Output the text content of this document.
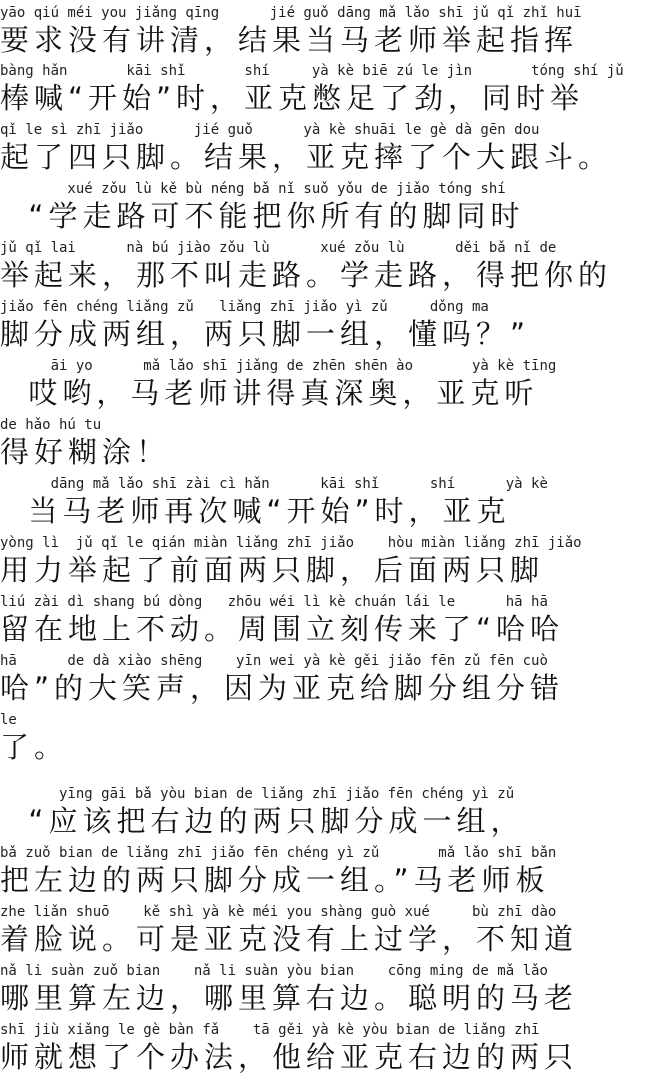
yāo qiú méi you jiǎng qīng      jié guǒ dāng mǎ lǎo shī jǔ qǐ zhǐ huī
要求没有讲清，结果当马老师举起指挥
bàng hǎn       kāi shǐ       shí     yà kè biē zú le jìn       tóng shí jǔ
棒喊“开始”时，亚克憋足了劲，同时举
qǐ le sì zhī jiǎo      jié guǒ      yà kè shuāi le gè dà gēn dou
起了四只脚。结果，亚克摔了个大跟斗。
xué zǒu lù kě bù néng bǎ nǐ suǒ yǒu de jiǎo tóng shí
“学走路可不能把你所有的脚同时
jǔ qǐ lai      nà bú jiào zǒu lù      xué zǒu lù      děi bǎ nǐ de
举起来，那不叫走路。学走路，得把你的
jiǎo fēn chéng liǎng zǔ   liǎng zhī jiǎo yì zǔ     dǒng ma
脚分成两组，两只脚一组，懂吗？”
āi yo      mǎ lǎo shī jiǎng de zhēn shēn ào       yà kè tīng
哎哟，马老师讲得真深奥，亚克听
de hǎo hú tu
得好糊涂！
dāng mǎ lǎo shī zài cì hǎn      kāi shǐ      shí      yà kè
当马老师再次喊“开始”时，亚克
yòng lì  jǔ qǐ le qián miàn liǎng zhī jiǎo    hòu miàn liǎng zhī jiǎo
用力举起了前面两只脚，后面两只脚
liú zài dì shang bú dòng   zhōu wéi lì kè chuán lái le      hā hā
留在地上不动。周围立刻传来了“哈哈
hā      de dà xiào shēng    yīn wei yà kè gěi jiǎo fēn zǔ fēn cuò
哈”的大笑声，因为亚克给脚分组分错
le
了。
yīng gāi bǎ yòu bian de liǎng zhī jiǎo fēn chéng yì zǔ
“应该把右边的两只脚分成一组，
bǎ zuǒ bian de liǎng zhī jiǎo fēn chéng yì zǔ       mǎ lǎo shī bǎn
把左边的两只脚分成一组。”马老师板
zhe liǎn shuō    kě shì yà kè méi you shàng guò xué     bù zhī dào
着脸说。可是亚克没有上过学，不知道
nǎ li suàn zuǒ bian    nǎ li suàn yòu bian    cōng ming de mǎ lǎo
哪里算左边，哪里算右边。聪明的马老
shī jiù xiǎng le gè bàn fǎ    tā gěi yà kè yòu bian de liǎng zhī
师就想了个办法，他给亚克右边的两只
